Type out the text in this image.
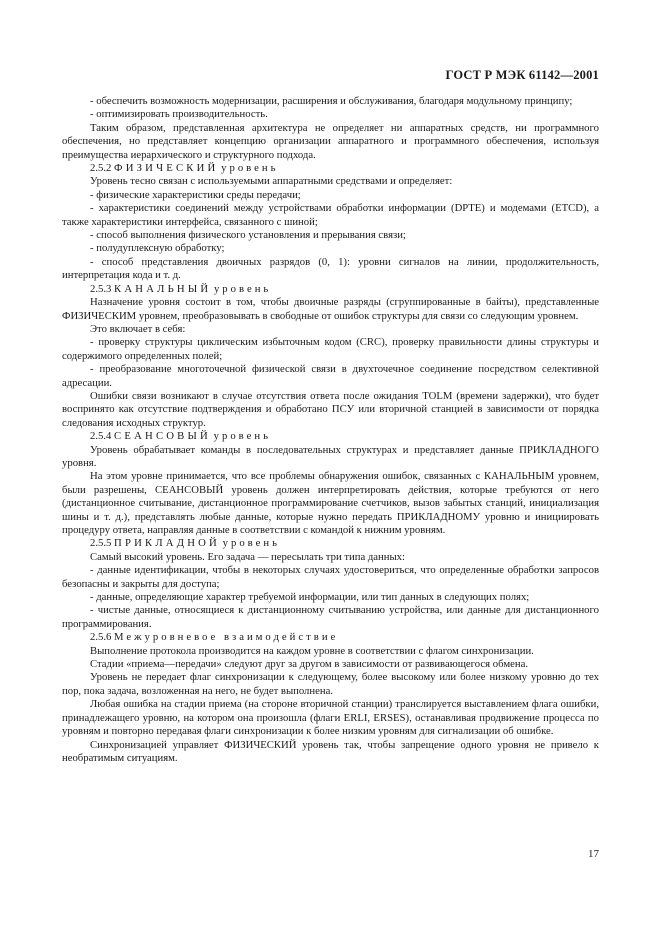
ГОСТ Р МЭК 61142—2001

- обеспечить возможность модернизации, расширения и обслуживания, благодаря модульному принципу;

- оптимизировать производительность.

Таким образом, представленная архитектура не определяет ни аппаратных средств, ни программного обеспечения, но представляет концепцию организации аппаратного и программного обеспечения, используя преимущества иерархического и структурного подхода.

2.5.2 ФИЗИЧЕСКИЙ уровень

Уровень тесно связан с используемыми аппаратными средствами и определяет:

- физические характеристики среды передачи;

- характеристики соединений между устройствами обработки информации (DPTE) и модемами (ETCD), а также характеристики интерфейса, связанного с шиной;

- способ выполнения физического установления и прерывания связи;

- полудуплексную обработку;

- способ представления двоичных разрядов (0, 1): уровни сигналов на линии, продолжительность, интерпретация кода и т. д.

2.5.3 КАНАЛЬНЫЙ уровень

Назначение уровня состоит в том, чтобы двоичные разряды (сгруппированные в байты), представленные ФИЗИЧЕСКИМ уровнем, преобразовывать в свободные от ошибок структуры для связи со следующим уровнем.

Это включает в себя:

- проверку структуры циклическим избыточным кодом (CRC), проверку правильности длины структуры и содержимого определенных полей;

- преобразование многоточечной физической связи в двухточечное соединение посредством селективной адресации.

Ошибки связи возникают в случае отсутствия ответа после ожидания TOLM (времени задержки), что будет воспринято как отсутствие подтверждения и обработано ПСУ или вторичной станцией в зависимости от порядка следования исходных структур.

2.5.4 СЕАНСОВЫЙ уровень

Уровень обрабатывает команды в последовательных структурах и представляет данные ПРИКЛАДНОГО уровня.

На этом уровне принимается, что все проблемы обнаружения ошибок, связанных с КАНАЛЬНЫМ уровнем, были разрешены, СЕАНСОВЫЙ уровень должен интерпретировать действия, которые требуются от него (дистанционное считывание, дистанционное программирование счетчиков, вызов забытых станций, инициализация шины и т. д.), представлять любые данные, которые нужно передать ПРИКЛАДНОМУ уровню и инициировать процедуру ответа, направляя данные в соответствии с командой к нижним уровням.

2.5.5 ПРИКЛАДНОЙ уровень

Самый высокий уровень. Его задача — пересылать три типа данных:

- данные идентификации, чтобы в некоторых случаях удостовериться, что определенные обработки запросов безопасны и закрыты для доступа;

- данные, определяющие характер требуемой информации, или тип данных в следующих полях;

- чистые данные, относящиеся к дистанционному считыванию устройства, или данные для дистанционного программирования.

2.5.6 Межуровневое взаимодействие

Выполнение протокола производится на каждом уровне в соответствии с флагом синхронизации.

Стадии «приема—передачи» следуют друг за другом в зависимости от развивающегося обмена.

Уровень не передает флаг синхронизации к следующему, более высокому или более низкому уровню до тех пор, пока задача, возложенная на него, не будет выполнена.

Любая ошибка на стадии приема (на стороне вторичной станции) транслируется выставлением флага ошибки, принадлежащего уровню, на котором она произошла (флаги ERLI, ERSES), останавливая продвижение процесса по уровням и повторно передавая флаги синхронизации к более низким уровням для сигнализации об ошибке.

Синхронизацией управляет ФИЗИЧЕСКИЙ уровень так, чтобы запрещение одного уровня не привело к необратимым ситуациям.

17
